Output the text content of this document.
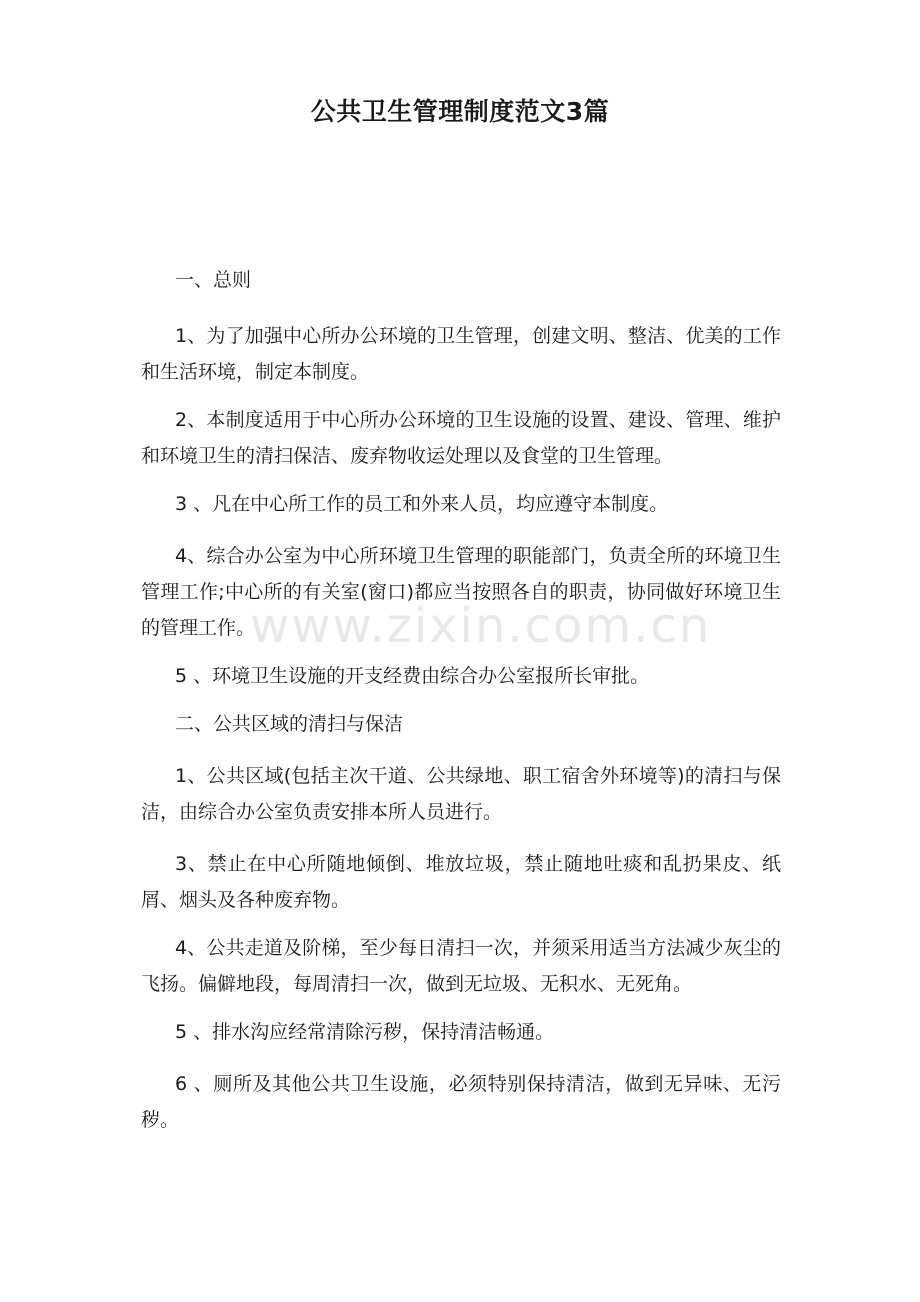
公共卫生管理制度范文3篇

一、总则

1、为了加强中心所办公环境的卫生管理，创建文明、整洁、优美的工作和生活环境，制定本制度。

2、本制度适用于中心所办公环境的卫生设施的设置、建设、管理、维护和环境卫生的清扫保洁、废弃物收运处理以及食堂的卫生管理。

3 、凡在中心所工作的员工和外来人员，均应遵守本制度。

4、综合办公室为中心所环境卫生管理的职能部门，负责全所的环境卫生管理工作;中心所的有关室(窗口)都应当按照各自的职责，协同做好环境卫生的管理工作。

5 、环境卫生设施的开支经费由综合办公室报所长审批。

二、公共区域的清扫与保洁

1、公共区域(包括主次干道、公共绿地、职工宿舍外环境等)的清扫与保洁，由综合办公室负责安排本所人员进行。

3、禁止在中心所随地倾倒、堆放垃圾，禁止随地吐痰和乱扔果皮、纸屑、烟头及各种废弃物。

4、公共走道及阶梯，至少每日清扫一次，并须采用适当方法减少灰尘的飞扬。偏僻地段，每周清扫一次，做到无垃圾、无积水、无死角。

5 、排水沟应经常清除污秽，保持清洁畅通。

6 、厕所及其他公共卫生设施，必须特别保持清洁，做到无异味、无污秽。

www.zixin.com.cn
